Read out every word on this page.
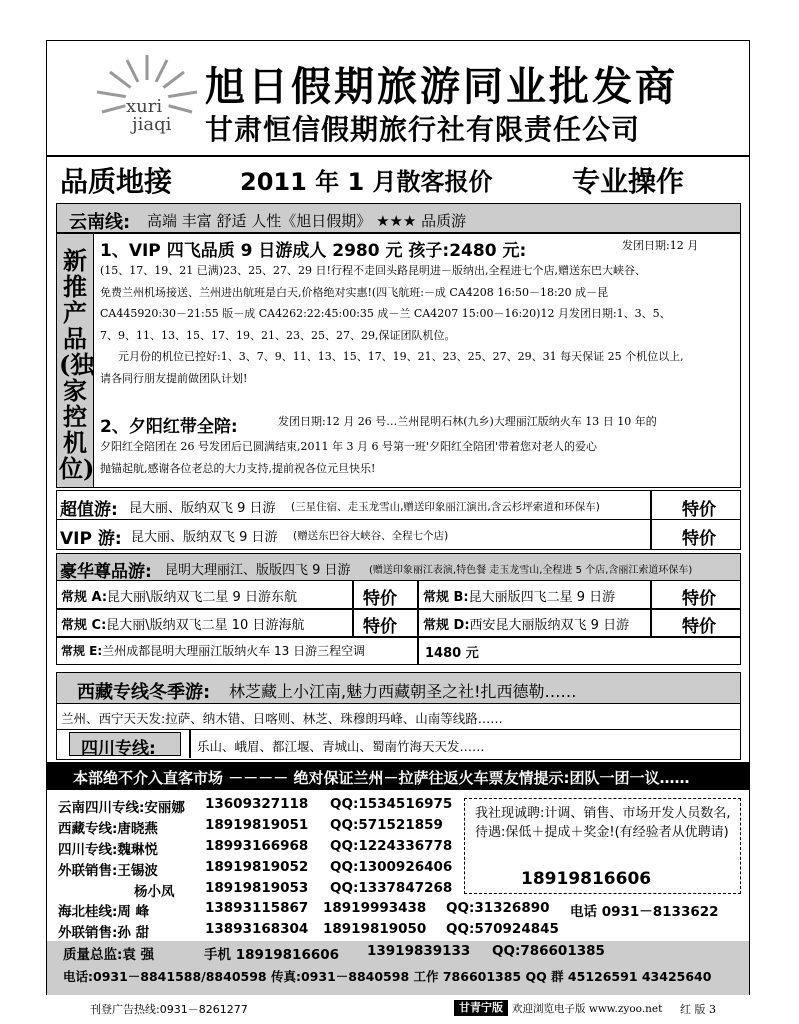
xuri
jiaqi
旭日假期旅游同业批发商
甘肃恒信假期旅行社有限责任公司
品质地接	2011 年 1 月散客报价	专业操作
云南线: 高端 丰富 舒适 人性《旭日假期》 ★★★ 品质游
新推产品(独家控机位)
1、VIP 四飞品质 9 日游成人 2980 元 孩子:2480 元:	发团日期:12 月
(15、17、19、21 已满)23、25、27、29 日!行程不走回头路昆明进－版纳出,全程进七个店,赠送东巴大峡谷、
免费兰州机场接送、兰州进出航班是白天,价格绝对实惠!(四飞航班:－成 CA4208 16:50－18:20 成－昆
CA445920:30－21:55 版－成 CA4262:22:45:00:35 成－兰 CA4207 15:00－16:20)12 月发团日期:1、3、5、
7、9、11、13、15、17、19、21、23、25、27、29,保证团队机位。
元月份的机位已控好:1、3、7、9、11、13、15、17、19、21、23、25、27、29、31 每天保证 25 个机位以上,
请各同行朋友提前做团队计划!
2、夕阳红带全陪:	发团日期:12 月 26 号…兰州昆明石林(九乡)大理丽江版纳火车 13 日 10 年的
夕阳红全陪团在 26 号发团后已圆满结束,2011 年 3 月 6 号第一班'夕阳红全陪团'带着您对老人的爱心
抛锚起航,感谢各位老总的大力支持,提前祝各位元旦快乐!
超值游: 昆大丽、版纳双飞 9 日游 (三星住宿、走玉龙雪山,赠送印象丽江演出,含云杉坪索道和环保车)	特价
VIP 游: 昆大丽、版纳双飞 9 日游 (赠送东巴谷大峡谷、全程七个店)	特价
豪华尊品游: 昆明大理丽江、版版四飞 9 日游 (赠送印象丽江表演,特色餐 走玉龙雪山,全程进 5 个店,含丽江索道环保车)
常规 A:昆大丽\版纳双飞二星 9 日游东航	特价 常规 B:昆大丽版四飞二星 9 日游	特价
常规 C:昆大丽\版纳双飞二星 10 日游海航	特价 常规 D:西安昆大丽版纳双飞 9 日游	特价
常规 E:兰州成都昆明大理丽江版纳火车 13 日游三程空调	1480 元
西藏专线冬季游: 林芝藏上小江南,魅力西藏朝圣之社!扎西德勒……
兰州、西宁天天发:拉萨、纳木错、日喀则、林芝、珠穆朗玛峰、山南等线路……
四川专线:	乐山、峨眉、都江堰、青城山、蜀南竹海天天发……
本部绝不介入直客市场 －－－－ 绝对保证兰州－拉萨往返火车票友情提示:团队一团一议……
云南四川专线:安丽娜 13609327118 QQ:1534516975
西藏专线:唐晓燕	18919819051 QQ:571521859
四川专线:魏琳悦	18993166968 QQ:1224336778
外联销售:王锡波	18919819052 QQ:1300926406
杨小凤 18919819053 QQ:1337847268
我社现诚聘:计调、销售、市场开发人员数名,待遇:保低＋提成＋奖金!(有经验者从优聘请)
18919816606
海北桂线:周 峰	13893115867 18919993438 QQ:31326890 电话 0931－8133622
外联销售:孙 甜	13893168304 18919819050 QQ:570924845
质量总监:袁 强	手机 18919816606 13919839133 QQ:786601385
电话:0931－8841588/8840598 传真:0931－8840598 工作 786601385 QQ 群 45126591 43425640
刊登广告热线:0931－8261277	甘青宁版 欢迎浏览电子版 www.zyoo.net 红 版 3
